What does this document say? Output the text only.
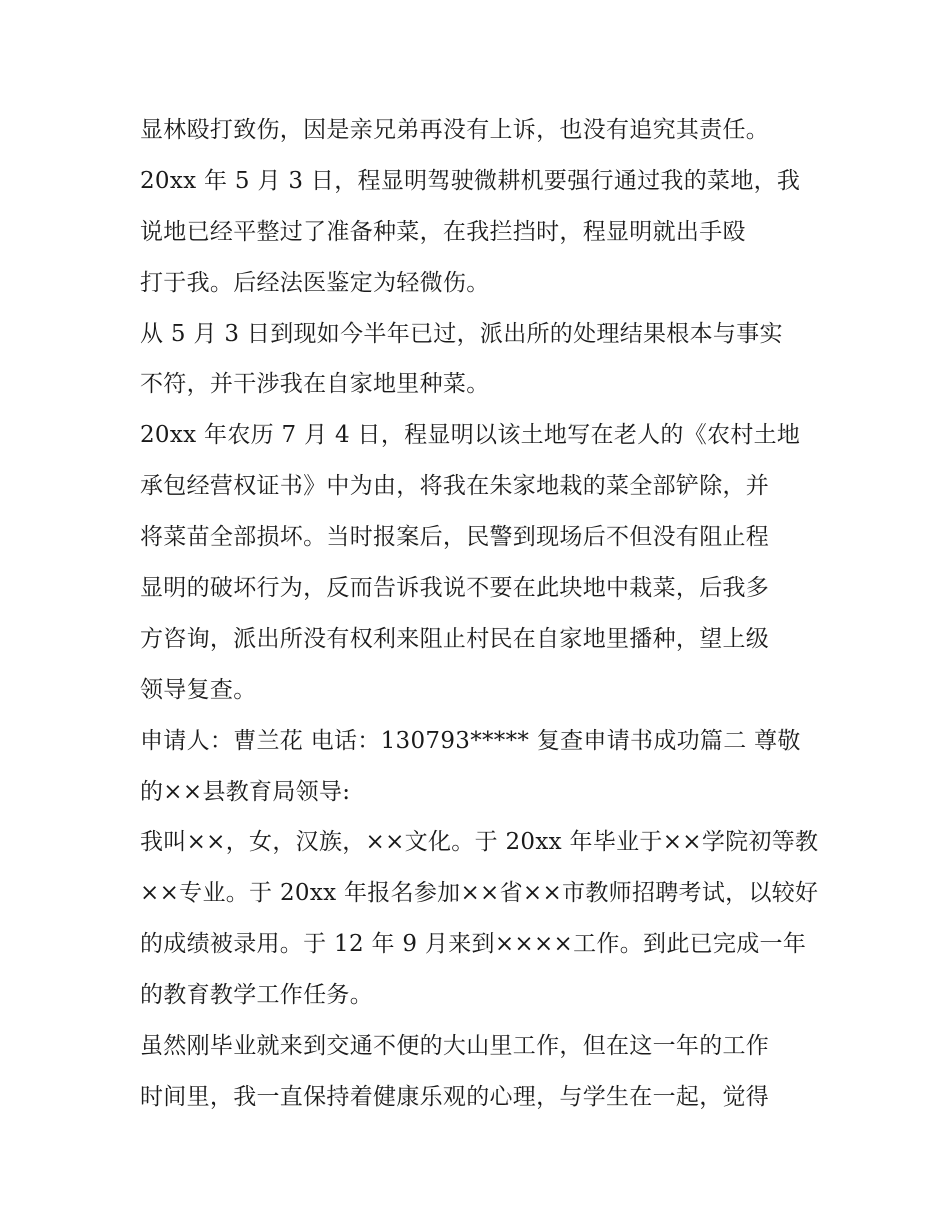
显林殴打致伤，因是亲兄弟再没有上诉，也没有追究其责任。
20xx 年 5 月 3 日，程显明驾驶微耕机要强行通过我的菜地，我
说地已经平整过了准备种菜，在我拦挡时，程显明就出手殴
打于我。后经法医鉴定为轻微伤。
从 5 月 3 日到现如今半年已过，派出所的处理结果根本与事实
不符，并干涉我在自家地里种菜。
20xx 年农历 7 月 4 日，程显明以该土地写在老人的《农村土地
承包经营权证书》中为由，将我在朱家地栽的菜全部铲除，并
将菜苗全部损坏。当时报案后，民警到现场后不但没有阻止程
显明的破坏行为，反而告诉我说不要在此块地中栽菜，后我多
方咨询，派出所没有权利来阻止村民在自家地里播种，望上级
领导复查。
申请人：曹兰花 电话：130793***** 复查申请书成功篇二 尊敬
的××县教育局领导:
我叫××，女，汉族，××文化。于 20xx 年毕业于××学院初等教
××专业。于 20xx 年报名参加××省××市教师招聘考试，以较好
的成绩被录用。于 12 年 9 月来到××××工作。到此已完成一年
的教育教学工作任务。
虽然刚毕业就来到交通不便的大山里工作，但在这一年的工作
时间里，我一直保持着健康乐观的心理，与学生在一起，觉得
